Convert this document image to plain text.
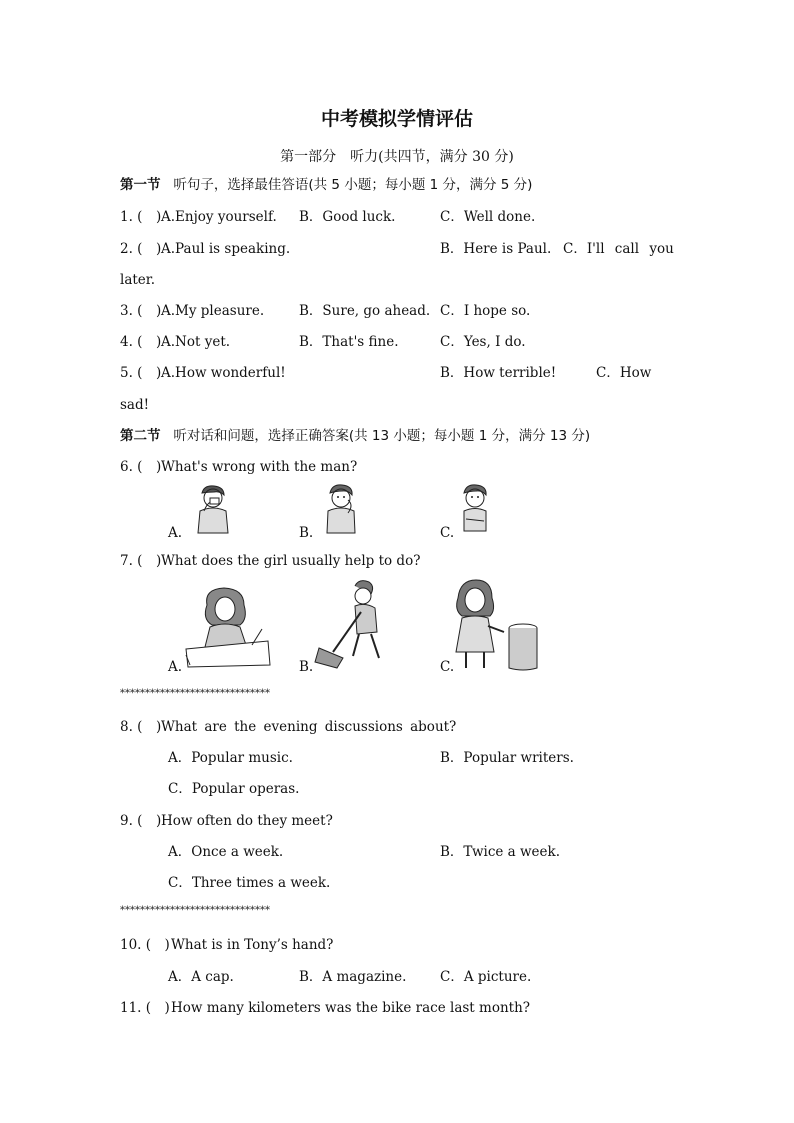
中考模拟学情评估
第一部分　听力(共四节，满分 30 分)
第一节 听句子，选择最佳答语(共 5 小题；每小题 1 分，满分 5 分)
1. (　) A.Enjoy yourself. B．Good luck.	C．Well done.
2. (　) A.Paul is speaking.	B．Here is Paul. C．I'll call you
later.
3. (　) A.My pleasure.	B．Sure, go ahead. C．I hope so.
4. (　) A.Not yet.	B．That's fine.	C．Yes, I do.
5. (　) A.How wonderful!	B．How terrible!	C．How
sad!
第二节 听对话和问题，选择正确答案(共 13 小题；每小题 1 分，满分 13 分)
6. (　) What's wrong with the man?
A.	B.	C.
7. (　) What does the girl usually help to do?
A.	B.	C.
******************************
8. (　) What are the evening discussions about?
A．Popular music.	B．Popular writers.
C．Popular operas.
9. (　) How often do they meet?
A．Once a week.	B．Twice a week.
C．Three times a week.
******************************
10. (　) What is in Tony’s hand?
A．A cap.	B．A magazine. C．A picture.
11. (　) How many kilometers was the bike race last month?
